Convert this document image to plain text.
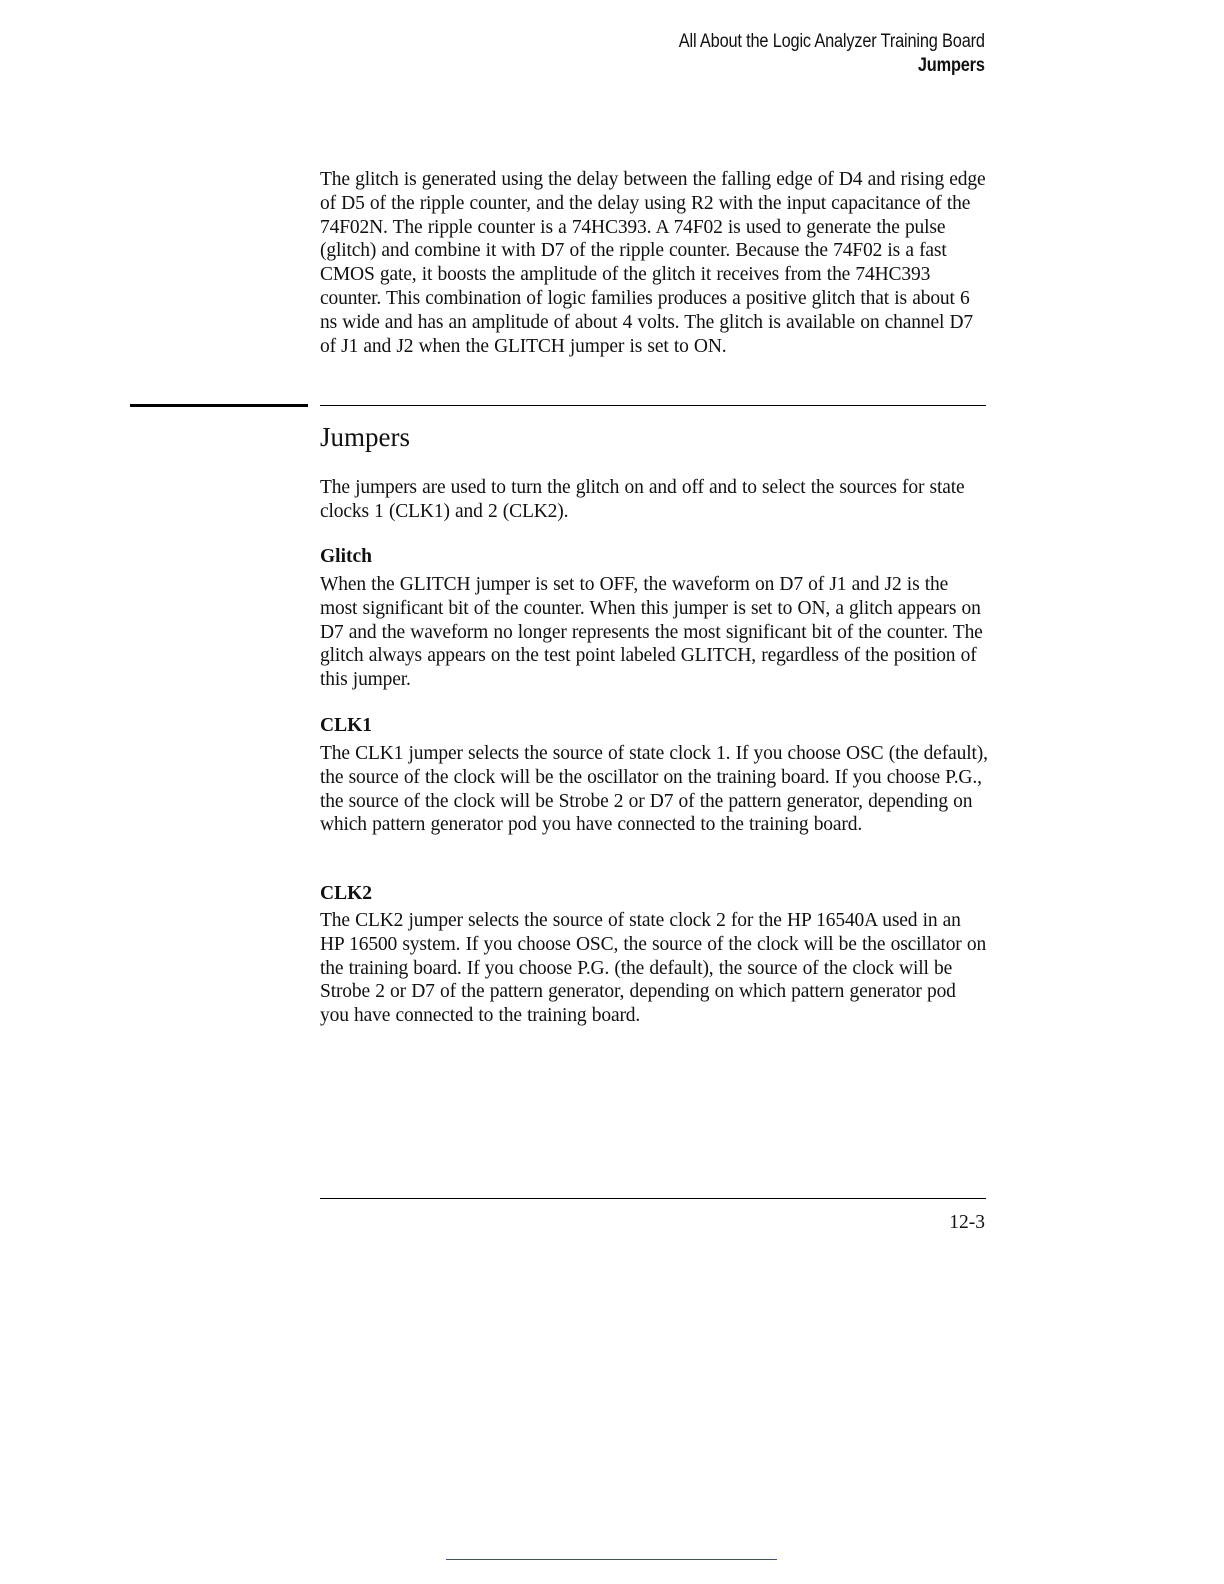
All About the Logic Analyzer Training Board
Jumpers

The glitch is generated using the delay between the falling edge of D4 and rising edge of D5 of the ripple counter, and the delay using R2 with the input capacitance of the 74F02N. The ripple counter is a 74HC393. A 74F02 is used to generate the pulse (glitch) and combine it with D7 of the ripple counter. Because the 74F02 is a fast CMOS gate, it boosts the amplitude of the glitch it receives from the 74HC393 counter. This combination of logic families produces a positive glitch that is about 6 ns wide and has an amplitude of about 4 volts. The glitch is available on channel D7 of J1 and J2 when the GLITCH jumper is set to ON.

Jumpers

The jumpers are used to turn the glitch on and off and to select the sources for state clocks 1 (CLK1) and 2 (CLK2).

Glitch

When the GLITCH jumper is set to OFF, the waveform on D7 of J1 and J2 is the most significant bit of the counter. When this jumper is set to ON, a glitch appears on D7 and the waveform no longer represents the most significant bit of the counter. The glitch always appears on the test point labeled GLITCH, regardless of the position of this jumper.

CLK1

The CLK1 jumper selects the source of state clock 1. If you choose OSC (the default), the source of the clock will be the oscillator on the training board. If you choose P.G., the source of the clock will be Strobe 2 or D7 of the pattern generator, depending on which pattern generator pod you have connected to the training board.

CLK2

The CLK2 jumper selects the source of state clock 2 for the HP 16540A used in an HP 16500 system. If you choose OSC, the source of the clock will be the oscillator on the training board. If you choose P.G. (the default), the source of the clock will be Strobe 2 or D7 of the pattern generator, depending on which pattern generator pod you have connected to the training board.

12-3
